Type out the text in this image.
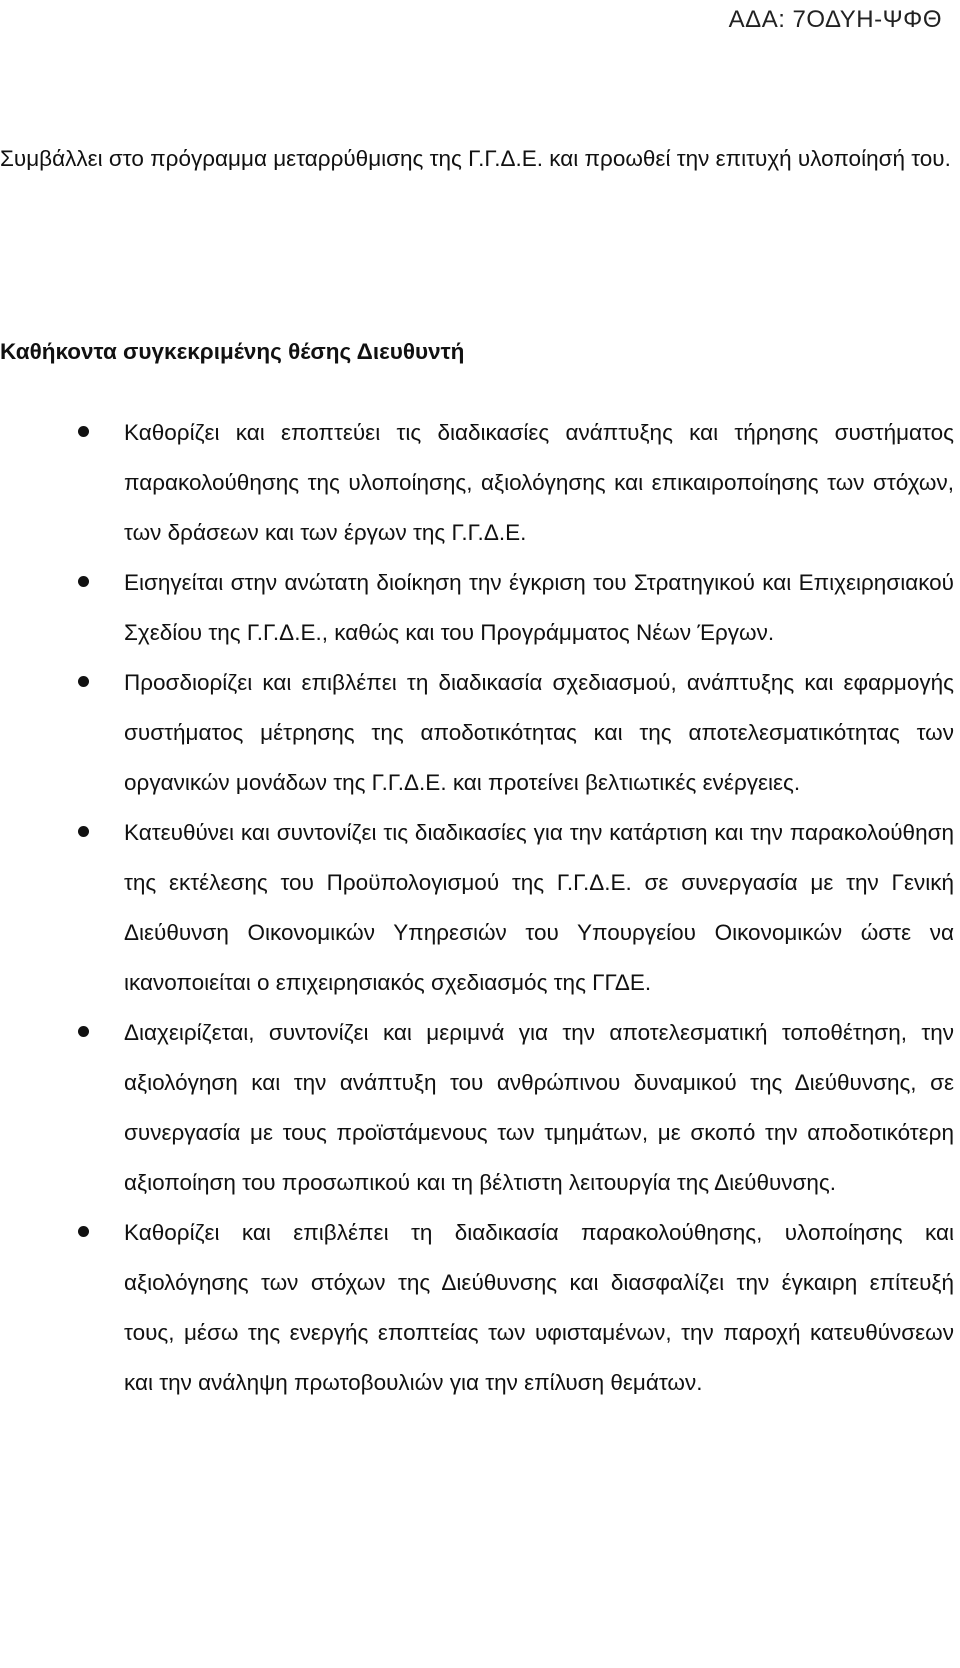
ΑΔΑ: 7ΟΔΥΗ-ΨΦΘ

Συμβάλλει στο πρόγραμμα μεταρρύθμισης της Γ.Γ.Δ.Ε. και προωθεί την επιτυχή υλοποίησή του.

Καθήκοντα συγκεκριμένης θέσης Διευθυντή
Καθορίζει και εποπτεύει τις διαδικασίες ανάπτυξης και τήρησης συστήματος παρακολούθησης της υλοποίησης, αξιολόγησης και επικαιροποίησης των στόχων, των δράσεων και των έργων της Γ.Γ.Δ.Ε.
Εισηγείται στην ανώτατη διοίκηση την έγκριση του Στρατηγικού και Επιχειρησιακού Σχεδίου της Γ.Γ.Δ.Ε., καθώς και του Προγράμματος Νέων Έργων.
Προσδιορίζει και επιβλέπει τη διαδικασία σχεδιασμού, ανάπτυξης και εφαρμογής συστήματος μέτρησης της αποδοτικότητας και της αποτελεσματικότητας των οργανικών μονάδων της Γ.Γ.Δ.Ε. και προτείνει βελτιωτικές ενέργειες.
Κατευθύνει και συντονίζει τις διαδικασίες για την κατάρτιση και την παρακολούθηση της εκτέλεσης του Προϋπολογισμού της Γ.Γ.Δ.Ε. σε συνεργασία με την Γενική Διεύθυνση Οικονομικών Υπηρεσιών του Υπουργείου Οικονομικών ώστε να ικανοποιείται ο επιχειρησιακός σχεδιασμός της ΓΓΔΕ.
Διαχειρίζεται, συντονίζει και μεριμνά για την αποτελεσματική τοποθέτηση, την αξιολόγηση και την ανάπτυξη του ανθρώπινου δυναμικού της Διεύθυνσης, σε συνεργασία με τους προϊστάμενους των τμημάτων, με σκοπό την αποδοτικότερη αξιοποίηση του προσωπικού και τη βέλτιστη λειτουργία της Διεύθυνσης.
Καθορίζει και επιβλέπει τη διαδικασία παρακολούθησης, υλοποίησης και αξιολόγησης των στόχων της Διεύθυνσης και διασφαλίζει την έγκαιρη επίτευξή τους, μέσω της ενεργής εποπτείας των υφισταμένων, την παροχή κατευθύνσεων και την ανάληψη πρωτοβουλιών για την επίλυση θεμάτων.
